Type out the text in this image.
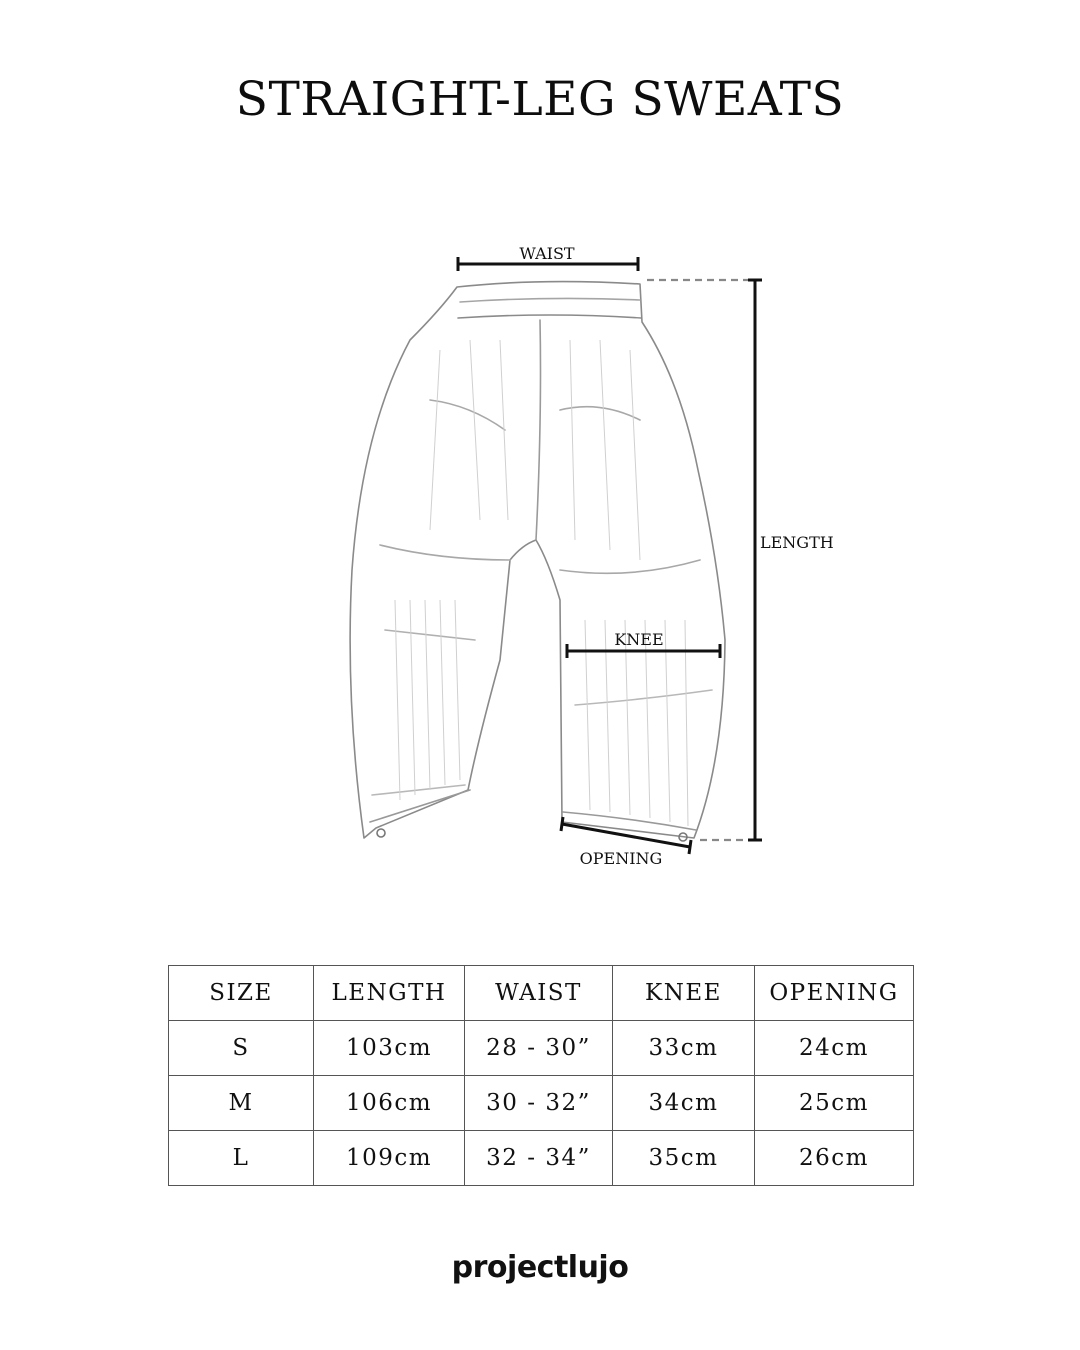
STRAIGHT-LEG SWEATS
WAIST
LENGTH
KNEE
OPENING
SIZE	LENGTH	WAIST	KNEE	OPENING
S	103cm	28 - 30”	33cm	24cm
M	106cm	30 - 32”	34cm	25cm
L	109cm	32 - 34”	35cm	26cm
projectlujo
